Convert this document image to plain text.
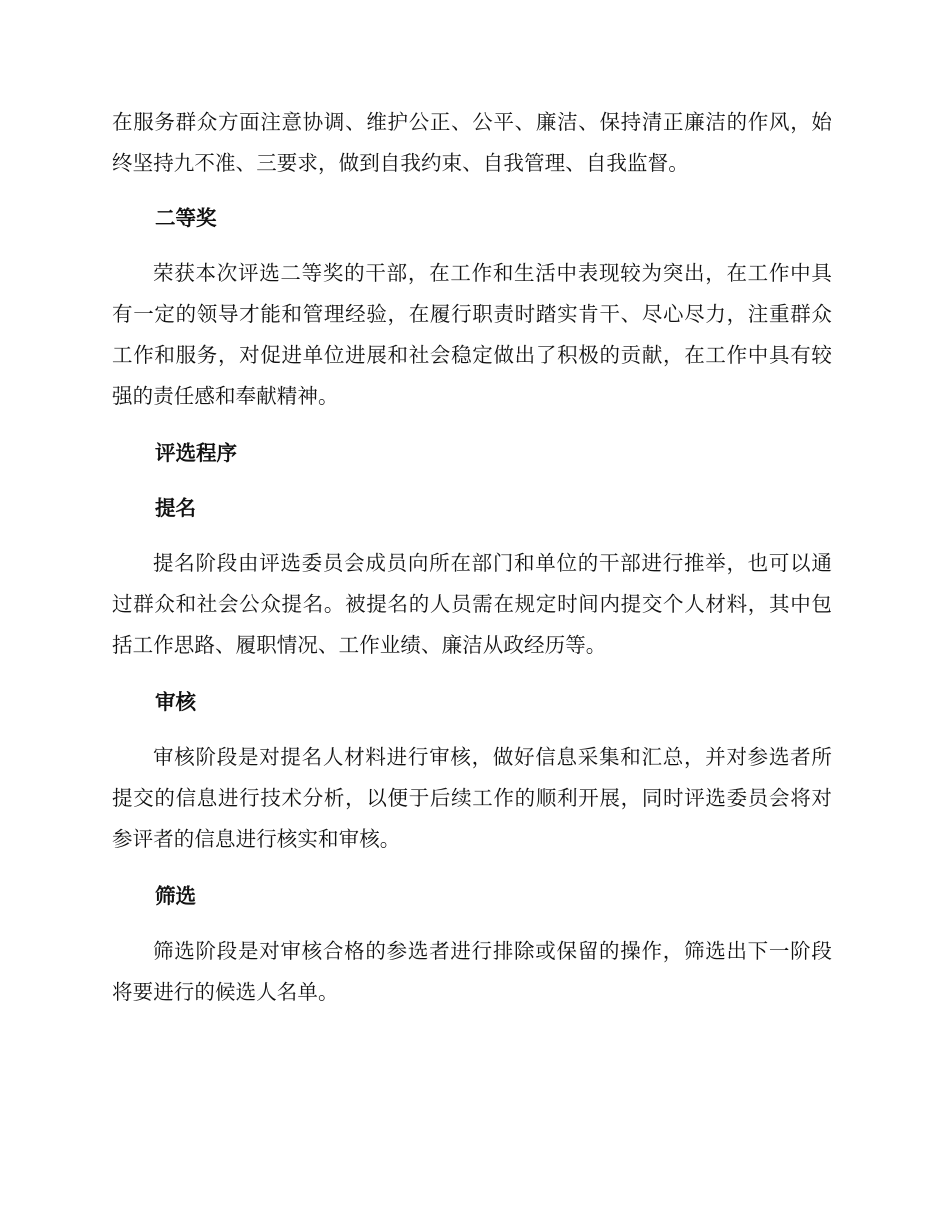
在服务群众方面注意协调、维护公正、公平、廉洁、保持清正廉洁的作风，始终坚持九不准、三要求，做到自我约束、自我管理、自我监督。

二等奖

荣获本次评选二等奖的干部，在工作和生活中表现较为突出，在工作中具有一定的领导才能和管理经验，在履行职责时踏实肯干、尽心尽力，注重群众工作和服务，对促进单位进展和社会稳定做出了积极的贡献，在工作中具有较强的责任感和奉献精神。

评选程序

提名

提名阶段由评选委员会成员向所在部门和单位的干部进行推举，也可以通过群众和社会公众提名。被提名的人员需在规定时间内提交个人材料，其中包括工作思路、履职情况、工作业绩、廉洁从政经历等。

审核

审核阶段是对提名人材料进行审核，做好信息采集和汇总，并对参选者所提交的信息进行技术分析，以便于后续工作的顺利开展，同时评选委员会将对参评者的信息进行核实和审核。

筛选

筛选阶段是对审核合格的参选者进行排除或保留的操作，筛选出下一阶段将要进行的候选人名单。
